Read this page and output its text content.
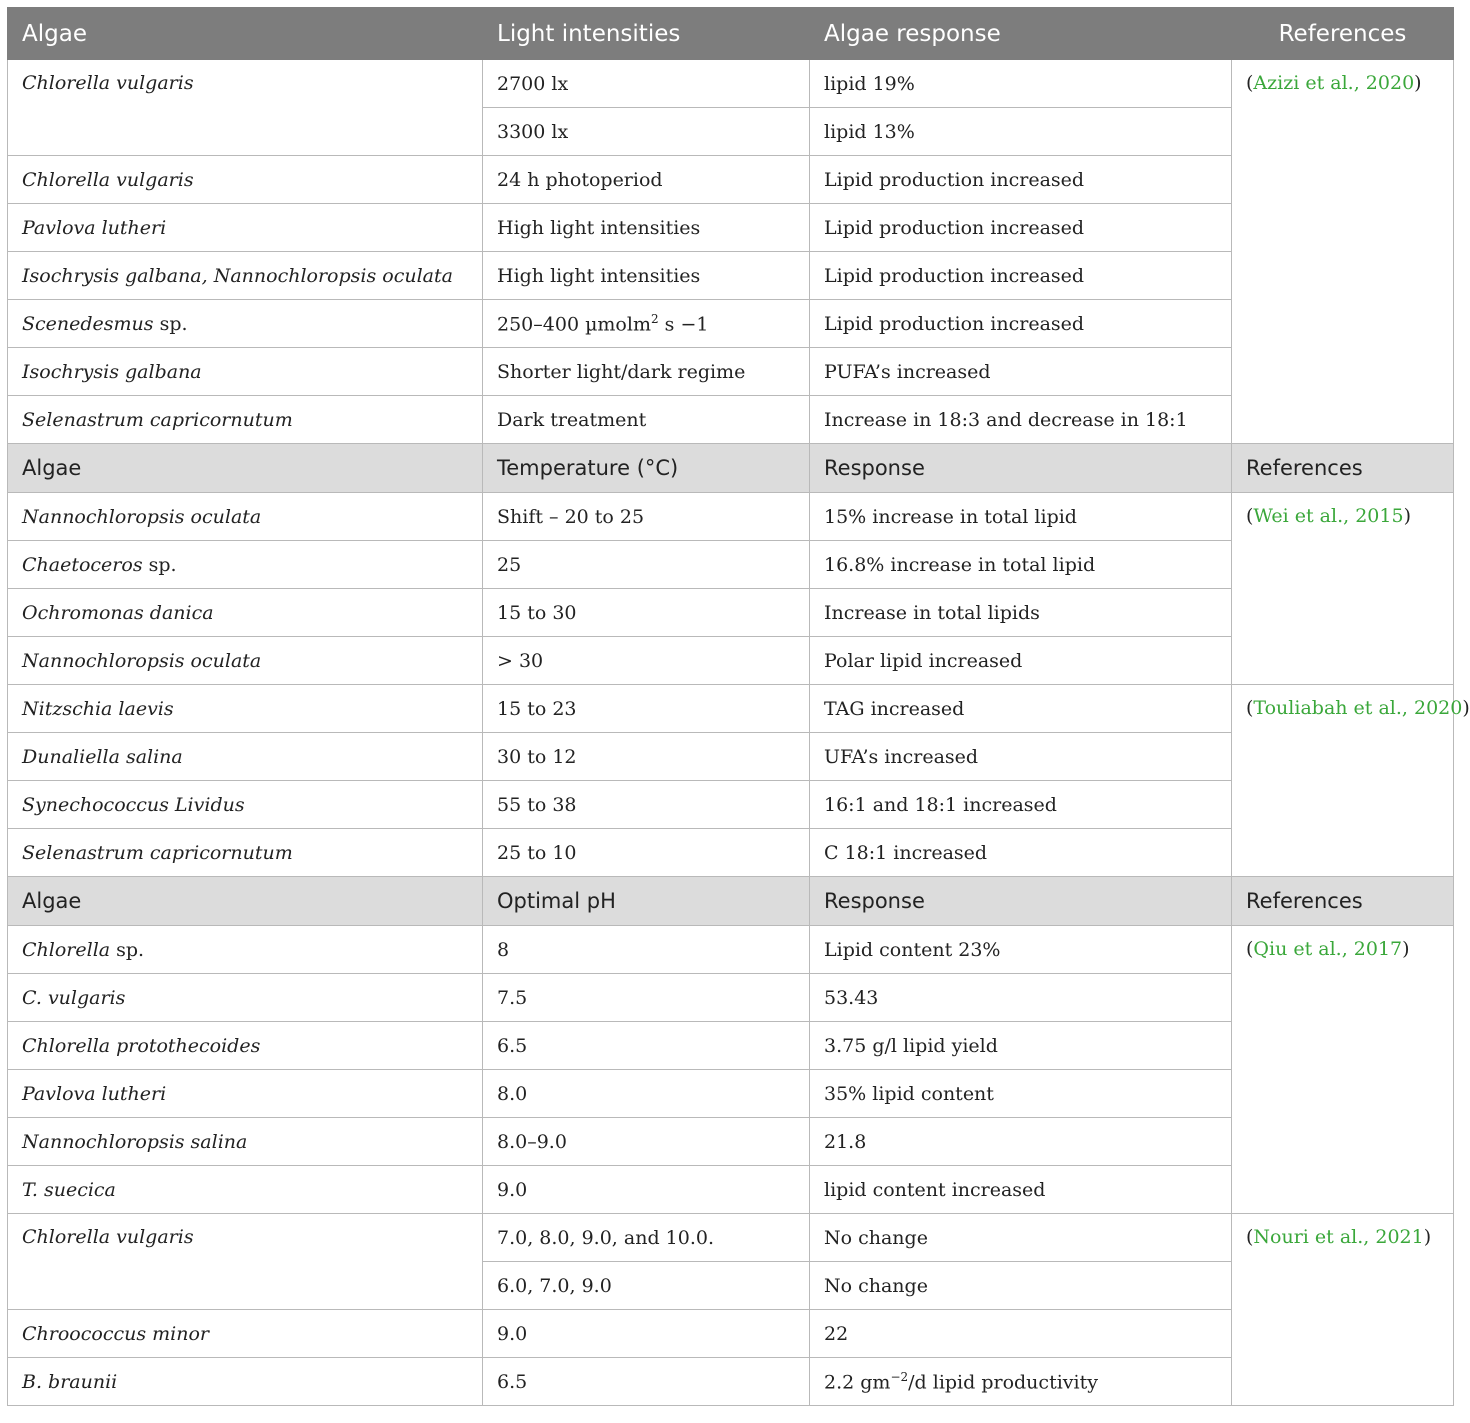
Algae	Light intensities	Algae response	References
Chlorella vulgaris	2700 lx	lipid 19%	(Azizi et al., 2020)
	3300 lx	lipid 13%	
Chlorella vulgaris	24 h photoperiod	Lipid production increased	
Pavlova lutheri	High light intensities	Lipid production increased	
Isochrysis galbana, Nannochloropsis oculata	High light intensities	Lipid production increased	
Scenedesmus sp.	250–400 µmolm$^2$ s −1	Lipid production increased	
Isochrysis galbana	Shorter light/dark regime	PUFA’s increased	
Selenastrum capricornutum	Dark treatment	Increase in 18:3 and decrease in 18:1	
Algae	Temperature (°C)	Response	References
Nannochloropsis oculata	Shift – 20 to 25	15% increase in total lipid	(Wei et al., 2015)
Chaetoceros sp.	25	16.8% increase in total lipid	
Ochromonas danica	15 to 30	Increase in total lipids	
Nannochloropsis oculata	> 30	Polar lipid increased	
Nitzschia laevis	15 to 23	TAG increased	(Touliabah et al., 2020)
Dunaliella salina	30 to 12	UFA’s increased	
Synechococcus Lividus	55 to 38	16:1 and 18:1 increased	
Selenastrum capricornutum	25 to 10	C 18:1 increased	
Algae	Optimal pH	Response	References
Chlorella sp.	8	Lipid content 23%	(Qiu et al., 2017)
C. vulgaris	7.5	53.43	
Chlorella protothecoides	6.5	3.75 g/l lipid yield	
Pavlova lutheri	8.0	35% lipid content	
Nannochloropsis salina	8.0–9.0	21.8	
T. suecica	9.0	lipid content increased	
Chlorella vulgaris	7.0, 8.0, 9.0, and 10.0.	No change	(Nouri et al., 2021)
	6.0, 7.0, 9.0	No change	
Chroococcus minor	9.0	22	
B. braunii	6.5	2.2 $gm^{-2}/d$ lipid productivity	
